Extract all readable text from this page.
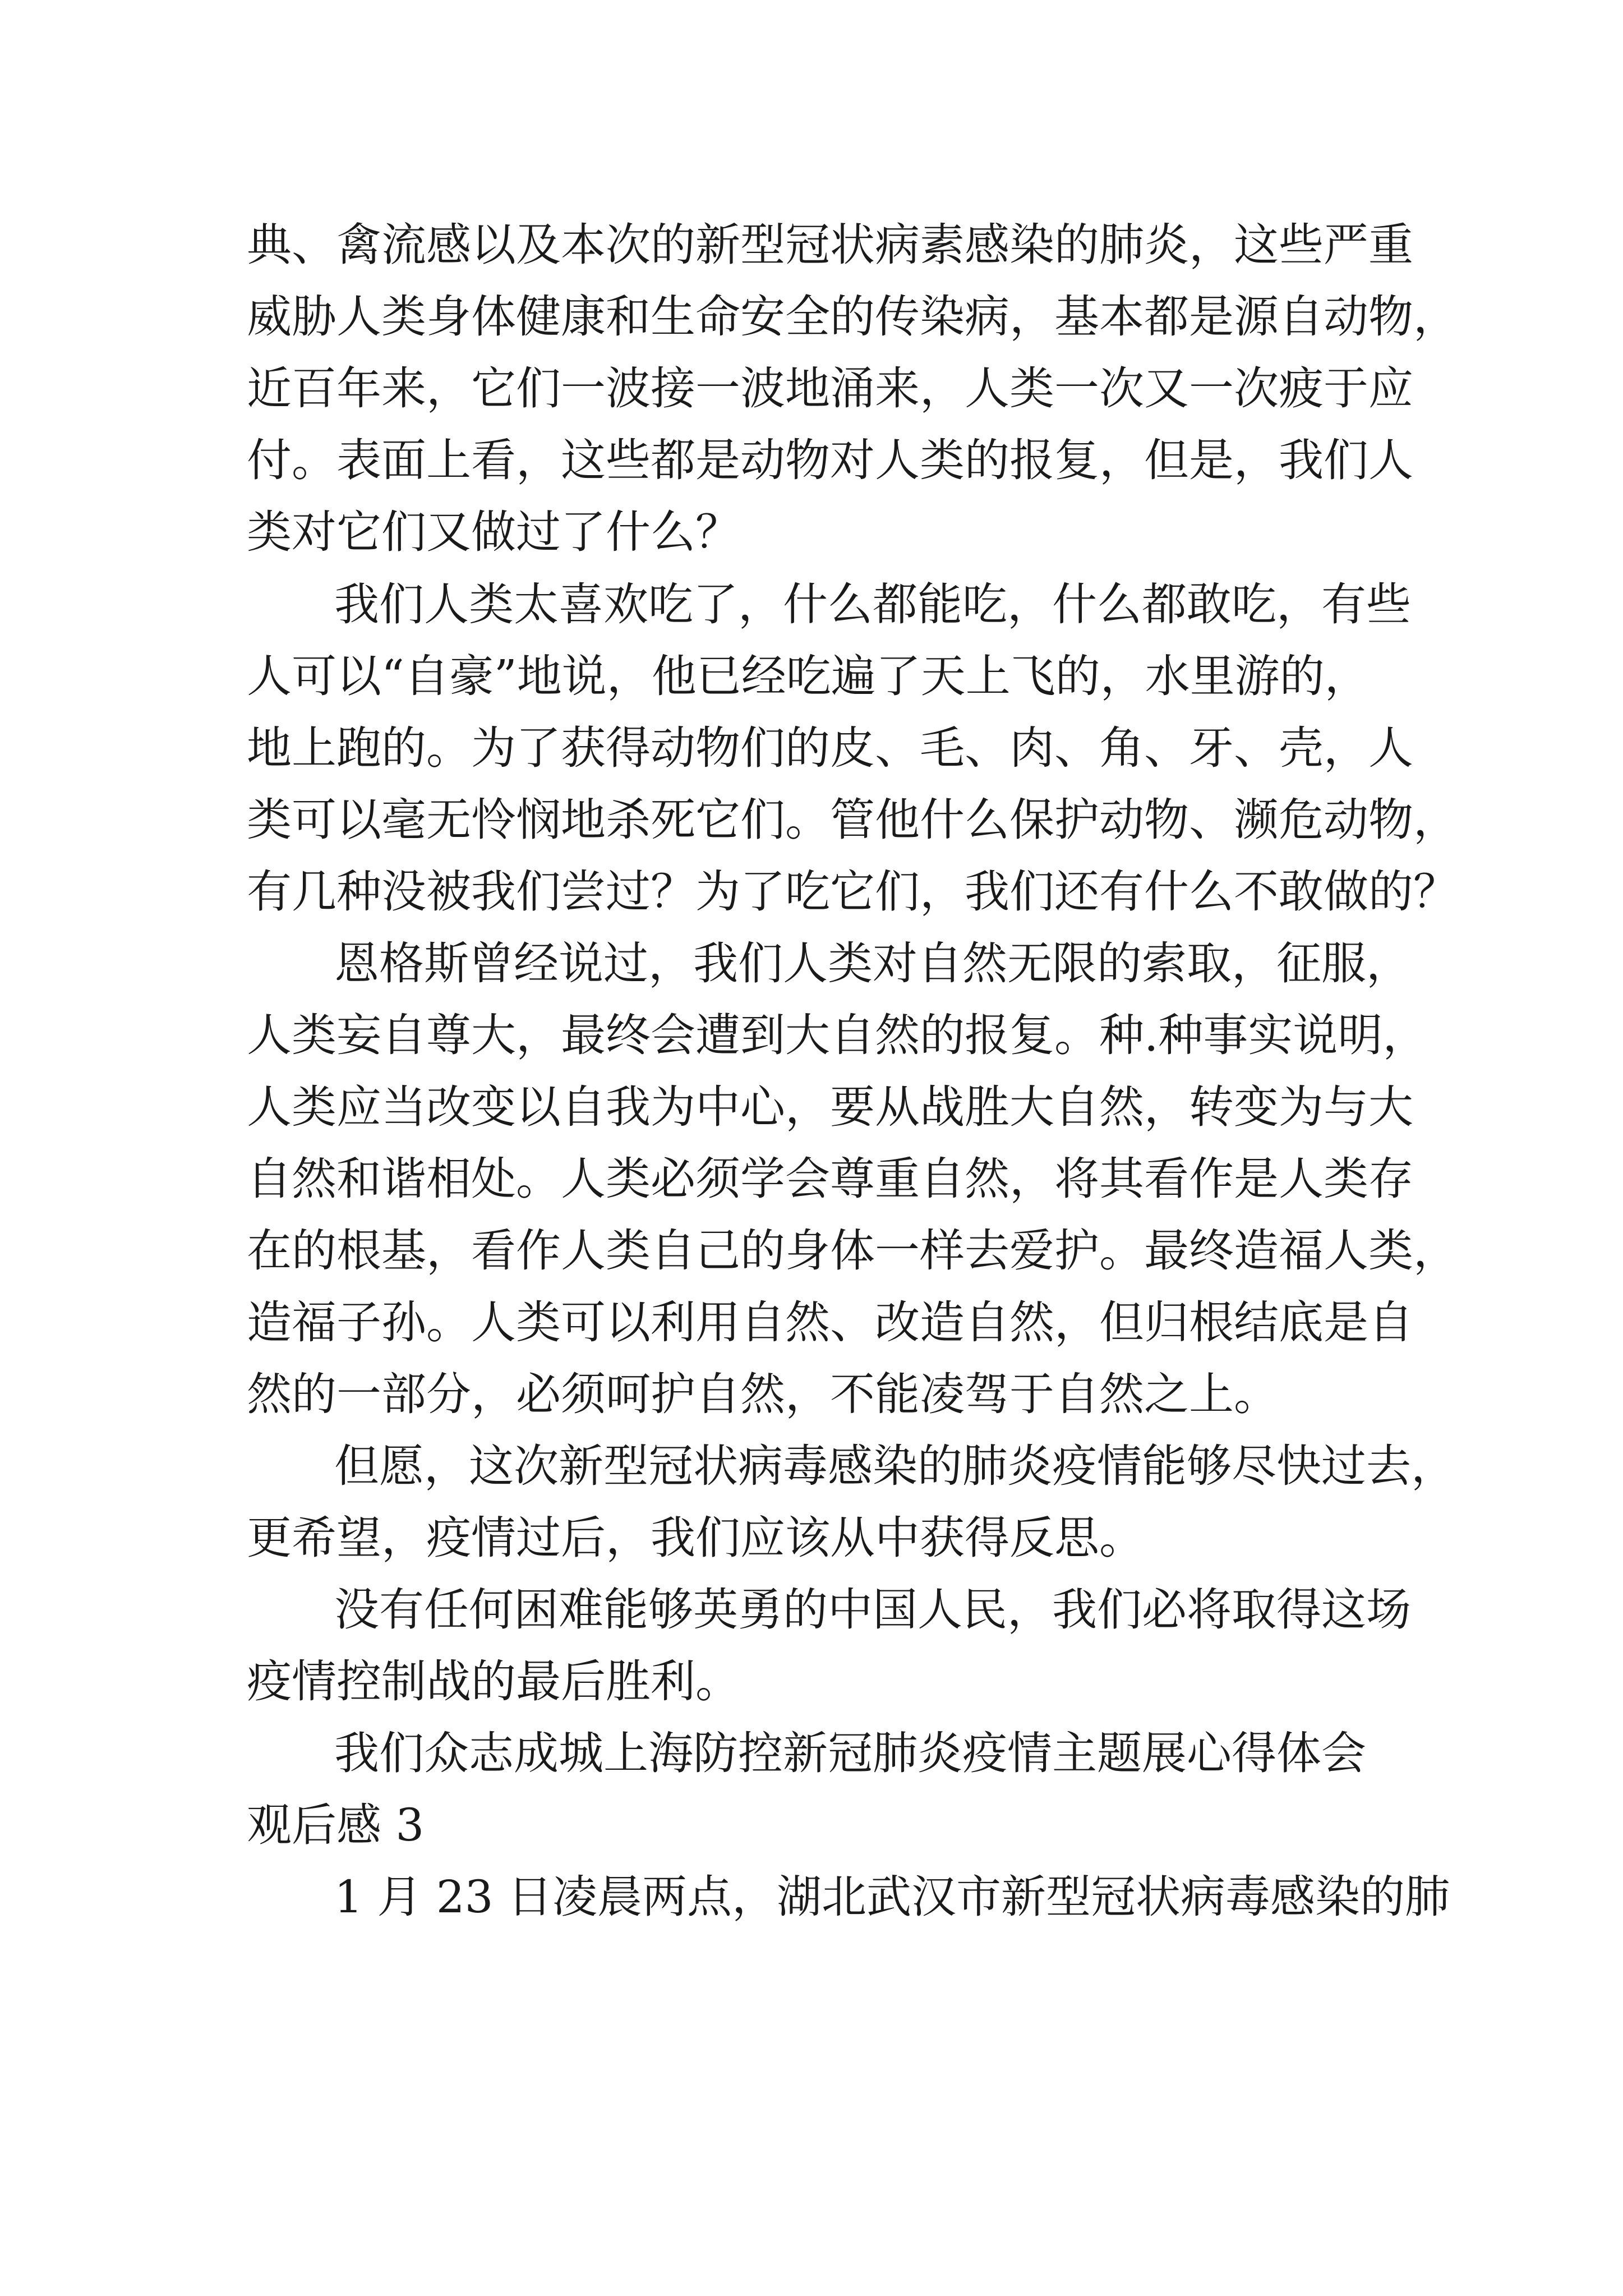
典、禽流感以及本次的新型冠状病素感染的肺炎，这些严重
威胁人类身体健康和生命安全的传染病，基本都是源自动物，
近百年来，它们一波接一波地涌来，人类一次又一次疲于应
付。表面上看，这些都是动物对人类的报复，但是，我们人
类对它们又做过了什么？
我们人类太喜欢吃了，什么都能吃，什么都敢吃，有些
人可以“自豪”地说，他已经吃遍了天上飞的，水里游的，
地上跑的。为了获得动物们的皮、毛、肉、角、牙、壳，人
类可以毫无怜悯地杀死它们。管他什么保护动物、濒危动物，
有几种没被我们尝过？为了吃它们，我们还有什么不敢做的？
恩格斯曾经说过，我们人类对自然无限的索取，征服，
人类妄自尊大，最终会遭到大自然的报复。种.种事实说明，
人类应当改变以自我为中心，要从战胜大自然，转变为与大
自然和谐相处。人类必须学会尊重自然，将其看作是人类存
在的根基，看作人类自己的身体一样去爱护。最终造福人类，
造福子孙。人类可以利用自然、改造自然，但归根结底是自
然的一部分，必须呵护自然，不能凌驾于自然之上。
但愿，这次新型冠状病毒感染的肺炎疫情能够尽快过去，
更希望，疫情过后，我们应该从中获得反思。
没有任何困难能够英勇的中国人民，我们必将取得这场
疫情控制战的最后胜利。
我们众志成城上海防控新冠肺炎疫情主题展心得体会
观后感 3
1 月 23 日凌晨两点，湖北武汉市新型冠状病毒感染的肺
